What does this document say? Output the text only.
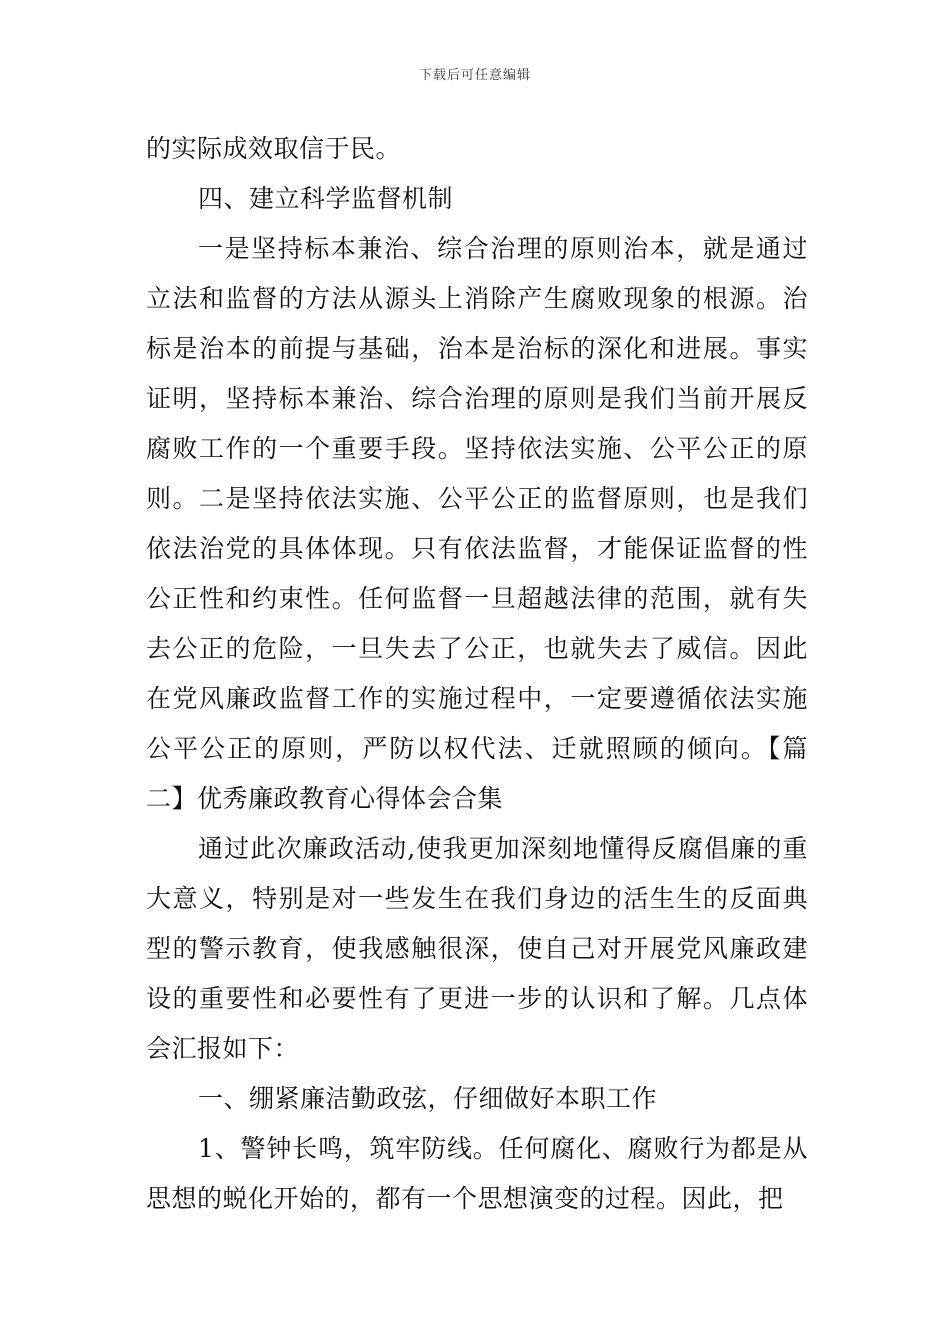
下载后可任意编辑

的实际成效取信于民。

四、建立科学监督机制

一是坚持标本兼治、综合治理的原则治本，就是通过立法和监督的方法从源头上消除产生腐败现象的根源。治标是治本的前提与基础，治本是治标的深化和进展。事实证明，坚持标本兼治、综合治理的原则是我们当前开展反腐败工作的一个重要手段。坚持依法实施、公平公正的原则。二是坚持依法实施、公平公正的监督原则，也是我们依法治党的具体体现。只有依法监督，才能保证监督的性公正性和约束性。任何监督一旦超越法律的范围，就有失去公正的危险，一旦失去了公正，也就失去了威信。因此在党风廉政监督工作的实施过程中，一定要遵循依法实施公平公正的原则，严防以权代法、迁就照顾的倾向。【篇二】优秀廉政教育心得体会合集

通过此次廉政活动,使我更加深刻地懂得反腐倡廉的重大意义，特别是对一些发生在我们身边的活生生的反面典型的警示教育，使我感触很深，使自己对开展党风廉政建设的重要性和必要性有了更进一步的认识和了解。几点体会汇报如下：

一、绷紧廉洁勤政弦，仔细做好本职工作

1、警钟长鸣，筑牢防线。任何腐化、腐败行为都是从思想的蜕化开始的，都有一个思想演变的过程。因此，把
